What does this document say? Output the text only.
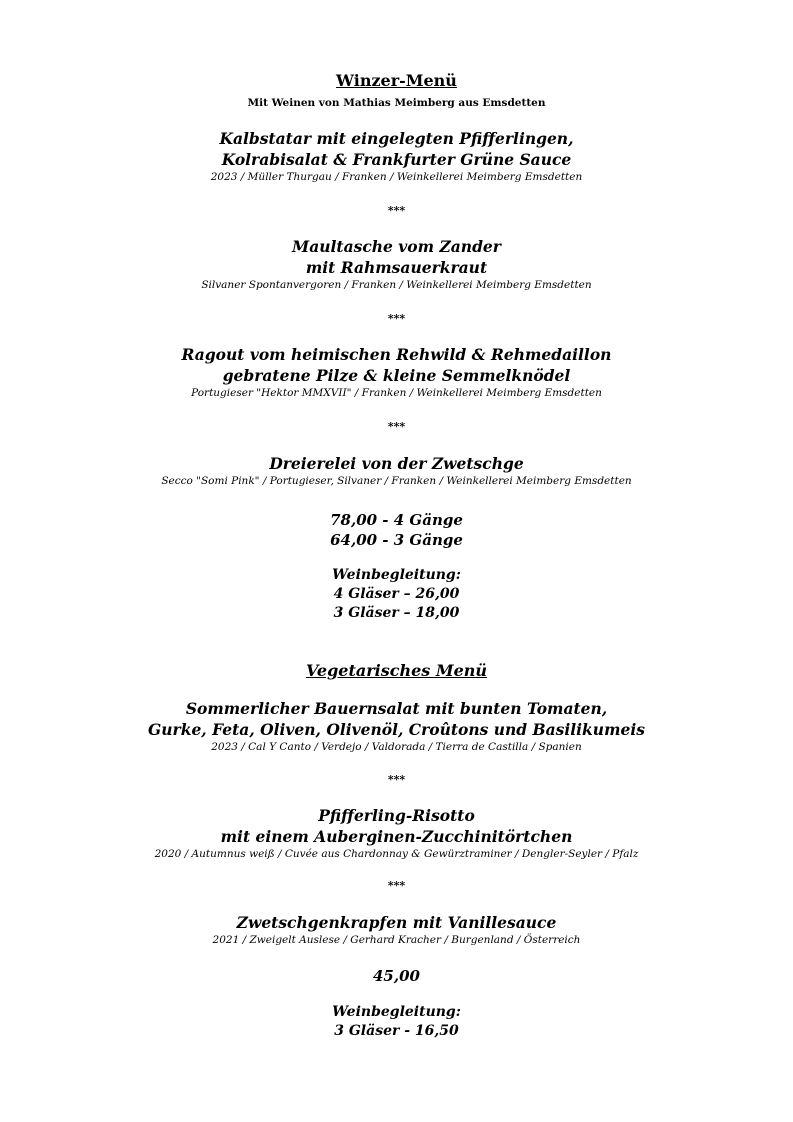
Winzer-Menü
Mit Weinen von Mathias Meimberg aus Emsdetten
Kalbstatar mit eingelegten Pfifferlingen,
Kolrabisalat & Frankfurter Grüne Sauce
2023 / Müller Thurgau / Franken / Weinkellerei Meimberg Emsdetten
***
Maultasche vom Zander
mit Rahmsauerkraut
Silvaner Spontanvergoren / Franken / Weinkellerei Meimberg Emsdetten
***
Ragout vom heimischen Rehwild & Rehmedaillon
gebratene Pilze & kleine Semmelknödel
Portugieser "Hektor MMXVII" / Franken / Weinkellerei Meimberg Emsdetten
***
Dreierelei von der Zwetschge
Secco "Somi Pink" / Portugieser, Silvaner / Franken / Weinkellerei Meimberg Emsdetten
78,00 - 4 Gänge
64,00 - 3 Gänge
Weinbegleitung:
4 Gläser – 26,00
3 Gläser – 18,00
Vegetarisches Menü
Sommerlicher Bauernsalat mit bunten Tomaten,
Gurke, Feta, Oliven, Olivenöl, Croûtons und Basilikumeis
2023 / Cal Y Canto / Verdejo / Valdorada / Tierra de Castilla / Spanien
***
Pfifferling-Risotto
mit einem Auberginen-Zucchinitörtchen
2020 / Autumnus weiß / Cuvée aus Chardonnay & Gewürztraminer / Dengler-Seyler / Pfalz
***
Zwetschgenkrapfen mit Vanillesauce
2021 / Zweigelt Auslese / Gerhard Kracher / Burgenland / Österreich
45,00
Weinbegleitung:
3 Gläser - 16,50
